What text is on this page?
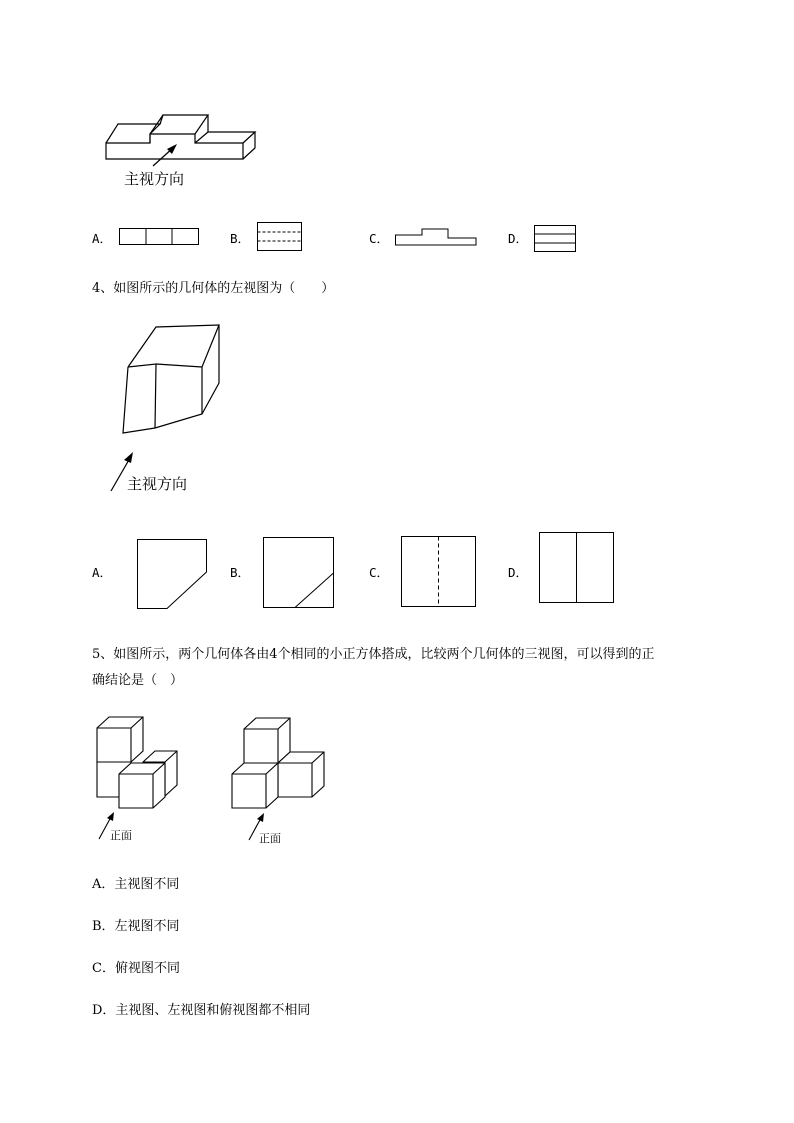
主视方向
A．	B．	C．	D．
4、如图所示的几何体的左视图为（　　）
主视方向
A．	B．	C．	D．
5、如图所示，两个几何体各由4个相同的小正方体搭成，比较两个几何体的三视图，可以得到的正
确结论是（　）
正面	正面
A．主视图不同
B．左视图不同
C．俯视图不同
D．主视图、左视图和俯视图都不相同
